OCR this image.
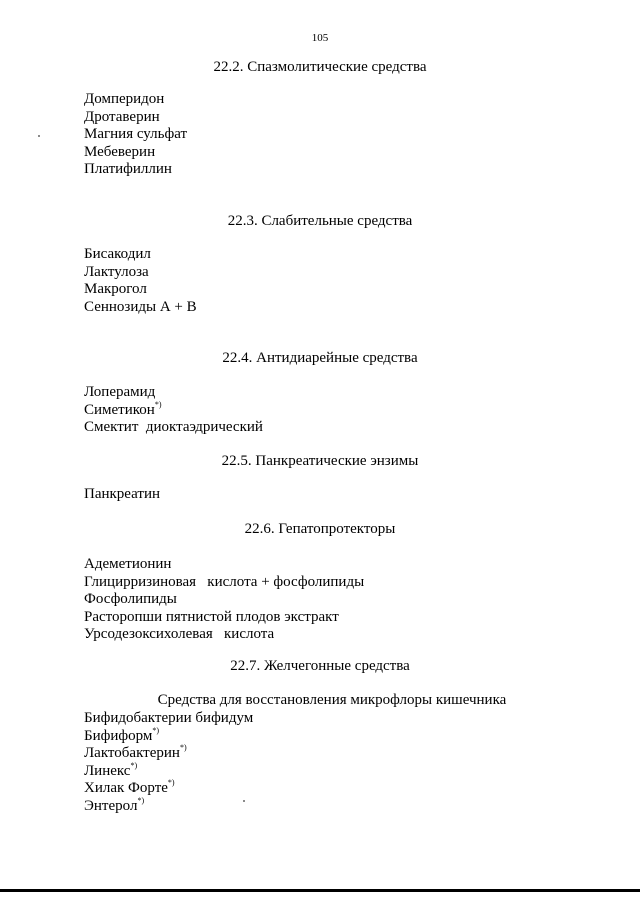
105
22.2. Спазмолитические средства
Домперидон
Дротаверин
Магния сульфат
Мебеверин
Платифиллин
22.3. Слабительные средства
Бисакодил
Лактулоза
Макрогол
Сеннозиды А + В
22.4. Антидиарейные средства
Лоперамид
Симетикон*)
Смектит  диоктаэдрический
22.5. Панкреатические энзимы
Панкреатин
22.6. Гепатопротекторы
Адеметионин
Глицирризиновая   кислота + фосфолипиды
Фосфолипиды
Расторопши пятнистой плодов экстракт
Урсодезоксихолевая   кислота
22.7. Желчегонные средства
Средства для восстановления микрофлоры кишечника
Бифидобактерии бифидум
Бифиформ*)
Лактобактерин*)
Линекс*)
Хилак Форте*)
Энтерол*)
